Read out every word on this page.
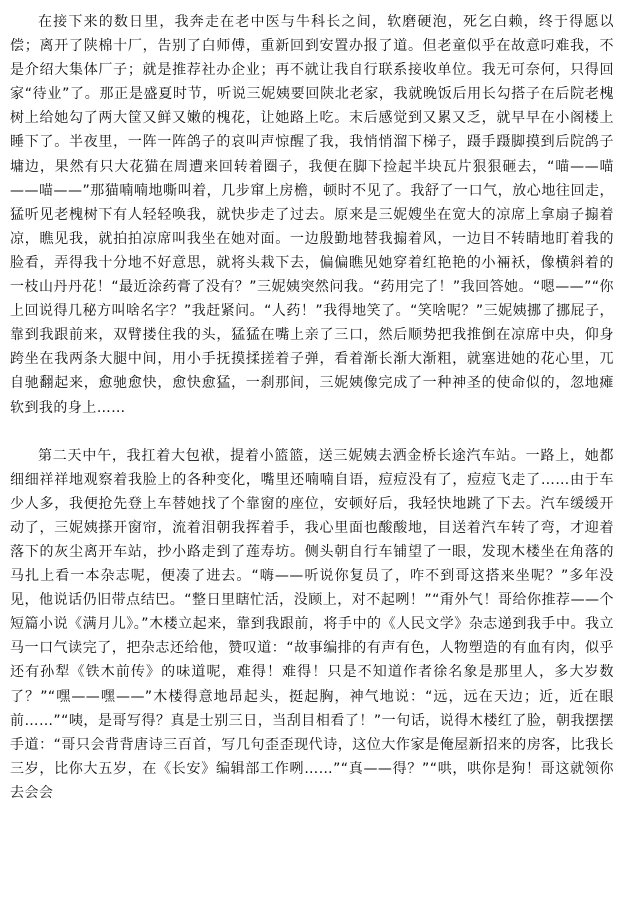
在接下来的数日里，我奔走在老中医与牛科长之间，软磨硬泡，死乞白赖，终于得愿以偿；离开了陕棉十厂，告别了白师傅，重新回到安置办报了道。但老童似乎在故意叼难我，不是介绍大集体厂子；就是推荐社办企业；再不就让我自行联系接收单位。我无可奈何，只得回家“待业”了。那正是盛夏时节，听说三妮姨要回陕北老家，我就晚饭后用长勾搭子在后院老槐树上给她勾了两大筐又鲜又嫩的槐花，让她路上吃。末后感觉到又累又乏，就早早在小阁楼上睡下了。半夜里，一阵一阵鸽子的哀叫声惊醒了我，我悄悄溜下梯子，蹑手蹑脚摸到后院鸽子墉边，果然有只大花猫在周遭来回转着圈子，我便在脚下捡起半块瓦片狠狠砸去，“喵——喵——喵——”那猫喃喃地嘶叫着，几步窜上房檐，顿时不见了。我舒了一口气，放心地往回走，猛听见老槐树下有人轻轻唤我，就快步走了过去。原来是三妮嫂坐在宽大的凉席上拿扇子搧着凉，瞧见我，就拍拍凉席叫我坐在她对面。一边殷勤地替我搧着风，一边目不转睛地盯着我的脸看，弄得我十分地不好意思，就将头栽下去，偏偏瞧见她穿着红艳艳的小裲袄，像横斜着的一枝山丹丹花！“最近涂药膏了没有？”三妮姨突然问我。“药用完了！”我回答她。“嗯——”“你上回说得几秘方叫啥名字？”我赶紧问。“人药！”我得地笑了。“笑啥呢？”三妮姨挪了挪屁子，靠到我跟前来，双臂搂住我的头，猛猛在嘴上亲了三口，然后顺势把我推倒在凉席中央，仰身跨坐在我两条大腿中间，用小手抚摸揉搓着子弹，看着渐长渐大渐粗，就塞进她的花心里，兀自驰翻起来，愈驰愈快，愈快愈猛，一刹那间，三妮姨像完成了一种神圣的使命似的，忽地瘫软到我的身上……

第二天中午，我扛着大包袱，提着小篮篮，送三妮姨去洒金桥长途汽车站。一路上，她都细细祥祥地观察着我脸上的各种变化，嘴里还喃喃自语，痘痘没有了，痘痘飞走了……由于车少人多，我便抢先登上车替她找了个靠窗的座位，安顿好后，我轻快地跳了下去。汽车缓缓开动了，三妮姨搽开窗帘，流着泪朝我挥着手，我心里面也酸酸地，目送着汽车转了弯，才迎着落下的灰尘离开车站，抄小路走到了莲寿坊。侧头朝自行车铺望了一眼，发现木楼坐在角落的马扎上看一本杂志呢，便凑了进去。“嗨——听说你复员了，咋不到哥这搭来坐呢？”多年没见，他说话仍旧带点结巴。“整日里瞎忙活，没顾上，对不起咧！”“甭外气！哥给你推荐——个短篇小说《满月儿》。”木楼立起来，靠到我跟前，将手中的《人民文学》杂志递到我手中。我立马一口气读完了，把杂志还给他，赞叹道：“故事编排的有声有色，人物塑造的有血有肉，似乎还有孙犁《铁木前传》的味道呢，难得！难得！只是不知道作者徐名象是那里人，多大岁数了？”“嘿——嘿——”木楼得意地昂起头，挺起胸，神气地说：“远，远在天边；近，近在眼前……”“咦，是哥写得？真是士别三日，当刮目相看了！”一句话，说得木楼红了脸，朝我摆摆手道：“哥只会背背唐诗三百首，写几句歪歪现代诗，这位大作家是俺屋新招来的房客，比我长三岁，比你大五岁，在《长安》编辑部工作咧……”“真——得？”“哄，哄你是狗！哥这就领你去会会
